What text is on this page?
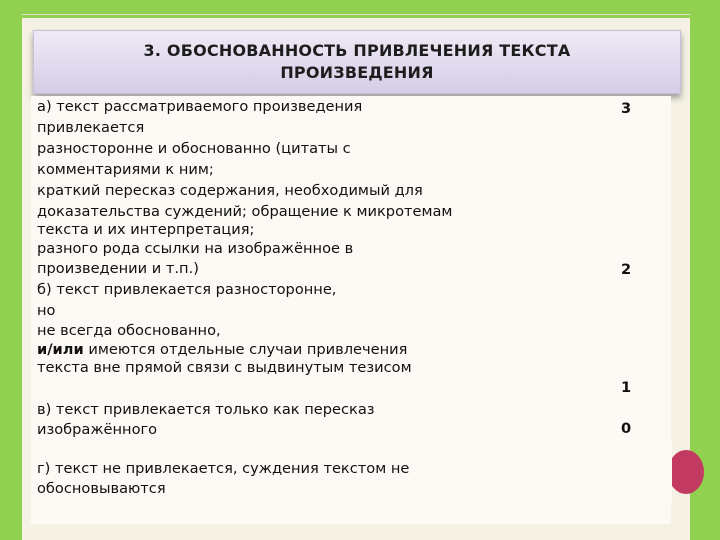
3. ОБОСНОВАННОСТЬ ПРИВЛЕЧЕНИЯ ТЕКСТА
ПРОИЗВЕДЕНИЯ
а) текст рассматриваемого произведения
привлекается
разносторонне и обоснованно (цитаты с
комментариями к ним;
краткий пересказ содержания, необходимый для
доказательства суждений; обращение к микротемам
текста и их интерпретация;
разного рода ссылки на изображённое в
произведении и т.п.)
б) текст привлекается разносторонне,
но
не всегда обоснованно,
и/или имеются отдельные случаи привлечения
текста вне прямой связи с выдвинутым тезисом
в) текст привлекается только как пересказ
изображённого
г) текст не привлекается, суждения текстом не
обосновываются
3
2
1
0
